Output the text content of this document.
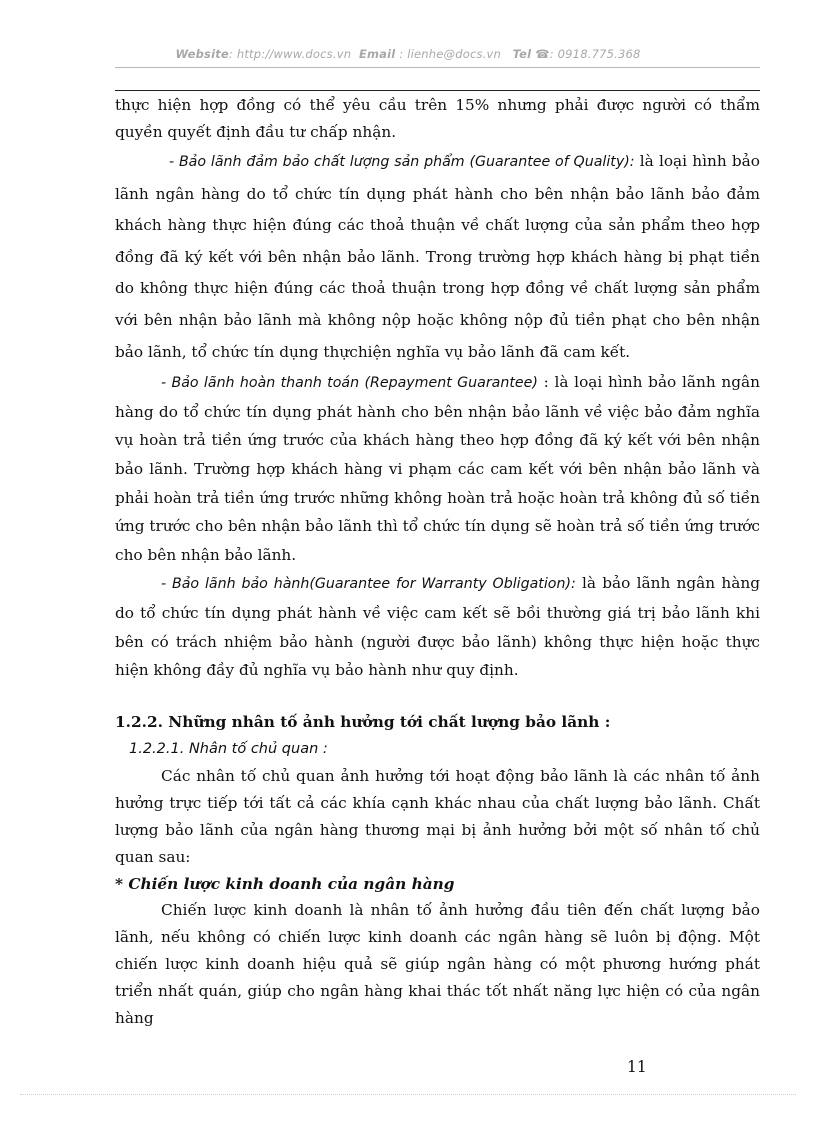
Website: http://www.docs.vn Email : lienhe@docs.vn Tel ☎: 0918.775.368

thực hiện hợp đồng có thể yêu cầu trên 15% nhưng phải được người có thẩm quyền quyết định đầu tư chấp nhận.

- Bảo lãnh đảm bảo chất lượng sản phẩm (Guarantee of Quality): là loại hình bảo lãnh ngân hàng do tổ chức tín dụng phát hành cho bên nhận bảo lãnh bảo đảm khách hàng thực hiện đúng các thoả thuận về chất lượng của sản phẩm theo hợp đồng đã ký kết với bên nhận bảo lãnh. Trong trường hợp khách hàng bị phạt tiền do không thực hiện đúng các thoả thuận trong hợp đồng về chất lượng sản phẩm với bên nhận bảo lãnh mà không nộp hoặc không nộp đủ tiền phạt cho bên nhận bảo lãnh, tổ chức tín dụng thựchiện nghĩa vụ bảo lãnh đã cam kết.

- Bảo lãnh hoàn thanh toán (Repayment Guarantee) : là loại hình bảo lãnh ngân hàng do tổ chức tín dụng phát hành cho bên nhận bảo lãnh về việc bảo đảm nghĩa vụ hoàn trả tiền ứng trước của khách hàng theo hợp đồng đã ký kết với bên nhận bảo lãnh. Trường hợp khách hàng vi phạm các cam kết với bên nhận bảo lãnh và phải hoàn trả tiền ứng trước những không hoàn trả hoặc hoàn trả không đủ số tiền ứng trước cho bên nhận bảo lãnh thì tổ chức tín dụng sẽ hoàn trả số tiền ứng trước cho bên nhận bảo lãnh.

- Bảo lãnh bảo hành(Guarantee for Warranty Obligation): là bảo lãnh ngân hàng do tổ chức tín dụng phát hành về việc cam kết sẽ bồi thường giá trị bảo lãnh khi bên có trách nhiệm bảo hành (người được bảo lãnh) không thực hiện hoặc thực hiện không đầy đủ nghĩa vụ bảo hành như quy định.

1.2.2. Những nhân tố ảnh hưởng tới chất lượng bảo lãnh :

1.2.2.1. Nhân tố chủ quan :

Các nhân tố chủ quan ảnh hưởng tới hoạt động bảo lãnh là các nhân tố ảnh hưởng trực tiếp tới tất cả các khía cạnh khác nhau của chất lượng bảo lãnh. Chất lượng bảo lãnh của ngân hàng thương mại bị ảnh hưởng bởi một số nhân tố chủ quan sau:

* Chiến lược kinh doanh của ngân hàng

Chiến lược kinh doanh là nhân tố ảnh hưởng đầu tiên đến chất lượng bảo lãnh, nếu không có chiến lược kinh doanh các ngân hàng sẽ luôn bị động. Một chiến lược kinh doanh hiệu quả sẽ giúp ngân hàng có một phương hướng phát triển nhất quán, giúp cho ngân hàng khai thác tốt nhất năng lực hiện có của ngân hàng

11
